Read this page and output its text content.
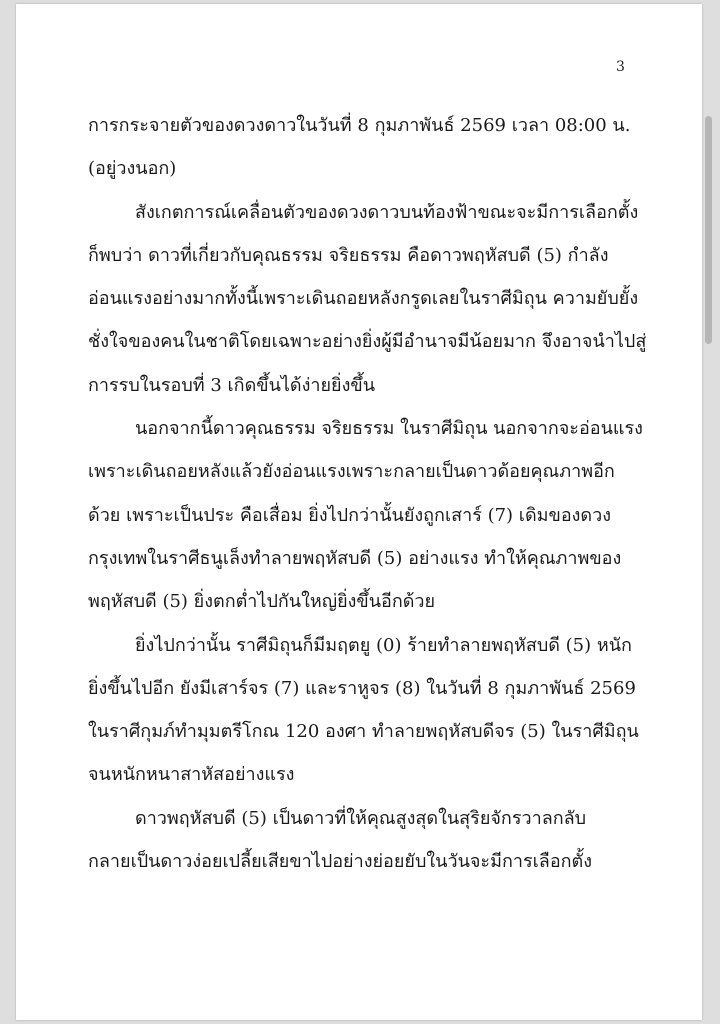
3
การกระจายตัวของดวงดาวในวันที่ 8 กุมภาพันธ์ 2569 เวลา 08:00 น.
(อยู่วงนอก)
สังเกตการณ์เคลื่อนตัวของดวงดาวบนท้องฟ้าขณะจะมีการเลือกตั้ง
ก็พบว่า ดาวที่เกี่ยวกับคุณธรรม จริยธรรม คือดาวพฤหัสบดี (5) กำลัง
อ่อนแรงอย่างมากทั้งนี้เพราะเดินถอยหลังกรูดเลยในราศีมิถุน ความยับยั้ง
ชั่งใจของคนในชาติโดยเฉพาะอย่างยิ่งผู้มีอำนาจมีน้อยมาก จึงอาจนำไปสู่
การรบในรอบที่ 3 เกิดขึ้นได้ง่ายยิ่งขึ้น
นอกจากนี้ดาวคุณธรรม จริยธรรม ในราศีมิถุน นอกจากจะอ่อนแรง
เพราะเดินถอยหลังแล้วยังอ่อนแรงเพราะกลายเป็นดาวด้อยคุณภาพอีก
ด้วย เพราะเป็นประ คือเสื่อม ยิ่งไปกว่านั้นยังถูกเสาร์ (7) เดิมของดวง
กรุงเทพในราศีธนูเล็งทำลายพฤหัสบดี (5) อย่างแรง ทำให้คุณภาพของ
พฤหัสบดี (5) ยิ่งตกต่ำไปกันใหญ่ยิ่งขึ้นอีกด้วย
ยิ่งไปกว่านั้น ราศีมิถุนก็มีมฤตยู (0) ร้ายทำลายพฤหัสบดี (5) หนัก
ยิ่งขึ้นไปอีก ยังมีเสาร์จร (7) และราหูจร (8) ในวันที่ 8 กุมภาพันธ์ 2569
ในราศีกุมภ์ทำมุมตรีโกณ 120 องศา ทำลายพฤหัสบดีจร (5) ในราศีมิถุน
จนหนักหนาสาหัสอย่างแรง
ดาวพฤหัสบดี (5) เป็นดาวที่ให้คุณสูงสุดในสุริยจักรวาลกลับ
กลายเป็นดาวง่อยเปลี้ยเสียขาไปอย่างย่อยยับในวันจะมีการเลือกตั้ง
